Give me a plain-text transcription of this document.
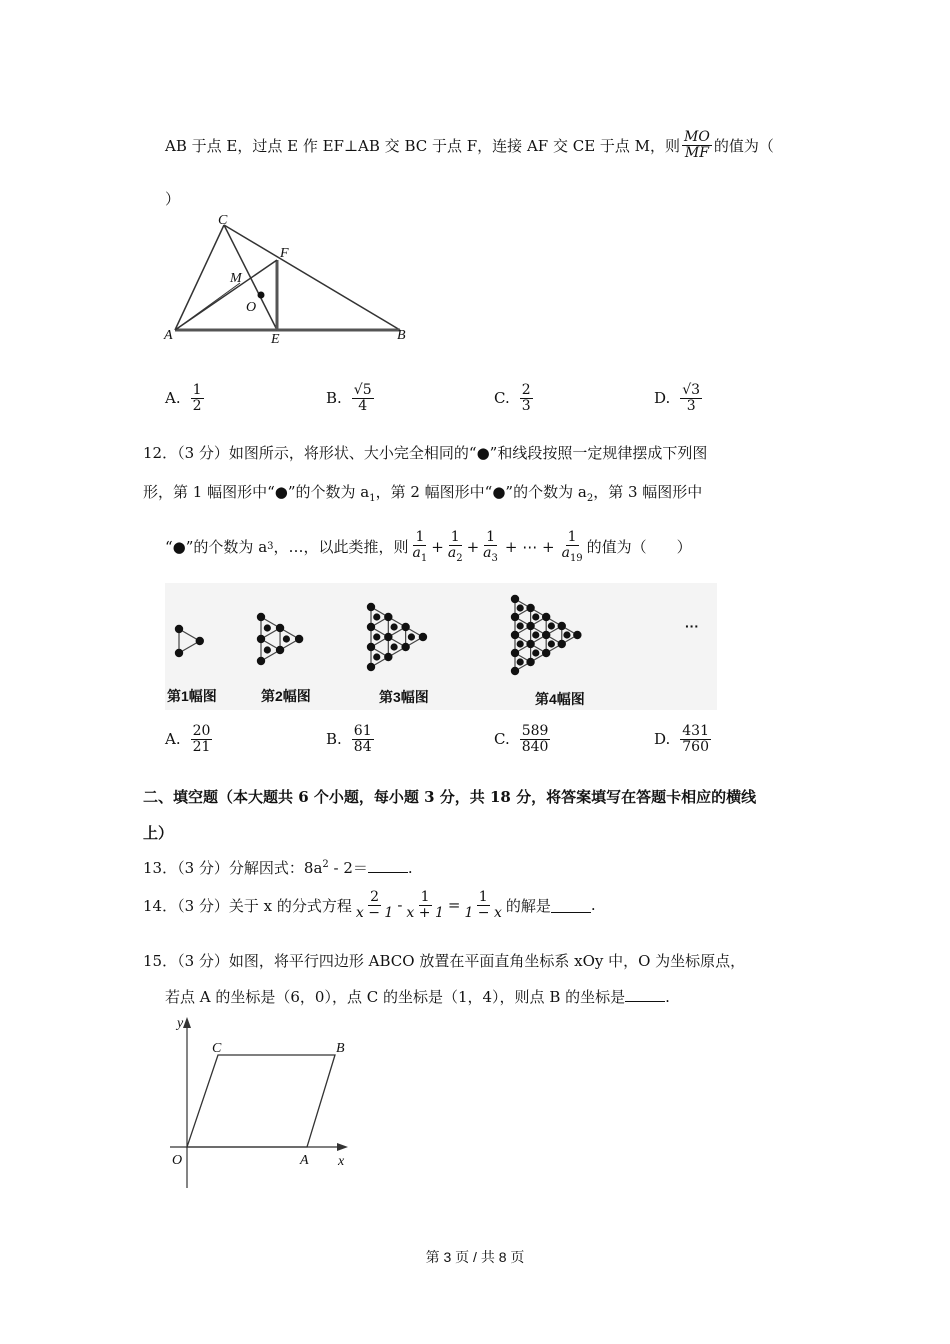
AB 于点 E，过点 E 作 EF⊥AB 交 BC 于点 F，连接 AF 交 CE 于点 M，则 $\frac{MO}{MF}$ 的值为（
）
C
F
M
O
A	E	B
A. $\frac{1}{2}$	B. $\frac{√5}{4}$	C. $\frac{2}{3}$	D. $\frac{√3}{3}$
12．（3 分）如图所示，将形状、大小完全相同的“●”和线段按照一定规律摆成下列图
形，第 1 幅图形中“●”的个数为 $a_1$，第 2 幅图形中“●”的个数为 $a_2$，第 3 幅图形中
“●”的个数为 a 3 ，…，以此类推，则 $\frac{1}{a_1} + \frac{1}{a_2} + \frac{1}{a_3}$ + ⋯ + $\frac{1}{a_{19}}$ 的值为（　　）
第1幅图	第2幅图	第3幅图	第4幅图
···
A. $\frac{20}{21}$	B. $\frac{61}{84}$	C. $\frac{589}{840}$	D. $\frac{431}{760}$
二、填空题（本大题共 6 个小题，每小题 3 分，共 18 分，将答案填写在答题卡相应的横线
上）
13．（3 分）分解因式：$8a^2 - 2=$	.
14．（3 分）关于 x 的分式方程 $\frac{2}{x - 1} - \frac{1}{x + 1} = \frac{1}{1 - x}$ 的解是	.
15．（3 分）如图，将平行四边形 ABCO 放置在平面直角坐标系 xOy 中，O 为坐标原点，
若点 A 的坐标是（6，0），点 C 的坐标是（1，4），则点 B 的坐标是	.
y
C	B
O	A x
第 3 页 / 共 8 页
